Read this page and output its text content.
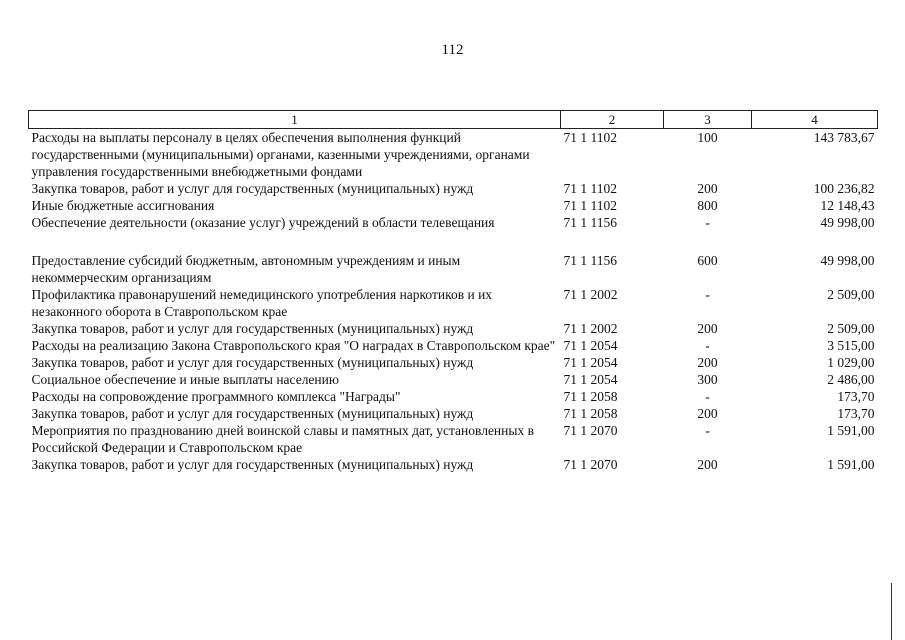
112
1	2	3	4
Расходы на выплаты персоналу в целях обеспечения выполнения функций государственными (муниципальными) органами, казенными учреждениями, органами управления государственными внебюджетными фондами	71 1 1102	100	143 783,67
Закупка товаров, работ и услуг для государственных (муниципальных) нужд	71 1 1102	200	100 236,82
Иные бюджетные ассигнования	71 1 1102	800	12 148,43
Обеспечение деятельности (оказание услуг) учреждений в области телевещания	71 1 1156	-	49 998,00
Предоставление субсидий бюджетным, автономным учреждениям и иным некоммерческим организациям	71 1 1156	600	49 998,00
Профилактика правонарушений немедицинского употребления наркотиков и их незаконного оборота в Ставропольском крае	71 1 2002	-	2 509,00
Закупка товаров, работ и услуг для государственных (муниципальных) нужд	71 1 2002	200	2 509,00
Расходы на реализацию Закона Ставропольского края "О наградах в Ставропольском крае"	71 1 2054	-	3 515,00
Закупка товаров, работ и услуг для государственных (муниципальных) нужд	71 1 2054	200	1 029,00
Социальное обеспечение и иные выплаты населению	71 1 2054	300	2 486,00
Расходы на сопровождение программного комплекса "Награды"	71 1 2058	-	173,70
Закупка товаров, работ и услуг для государственных (муниципальных) нужд	71 1 2058	200	173,70
Мероприятия по празднованию дней воинской славы и памятных дат, установленных в Российской Федерации и Ставропольском крае	71 1 2070	-	1 591,00
Закупка товаров, работ и услуг для государственных (муниципальных) нужд	71 1 2070	200	1 591,00
